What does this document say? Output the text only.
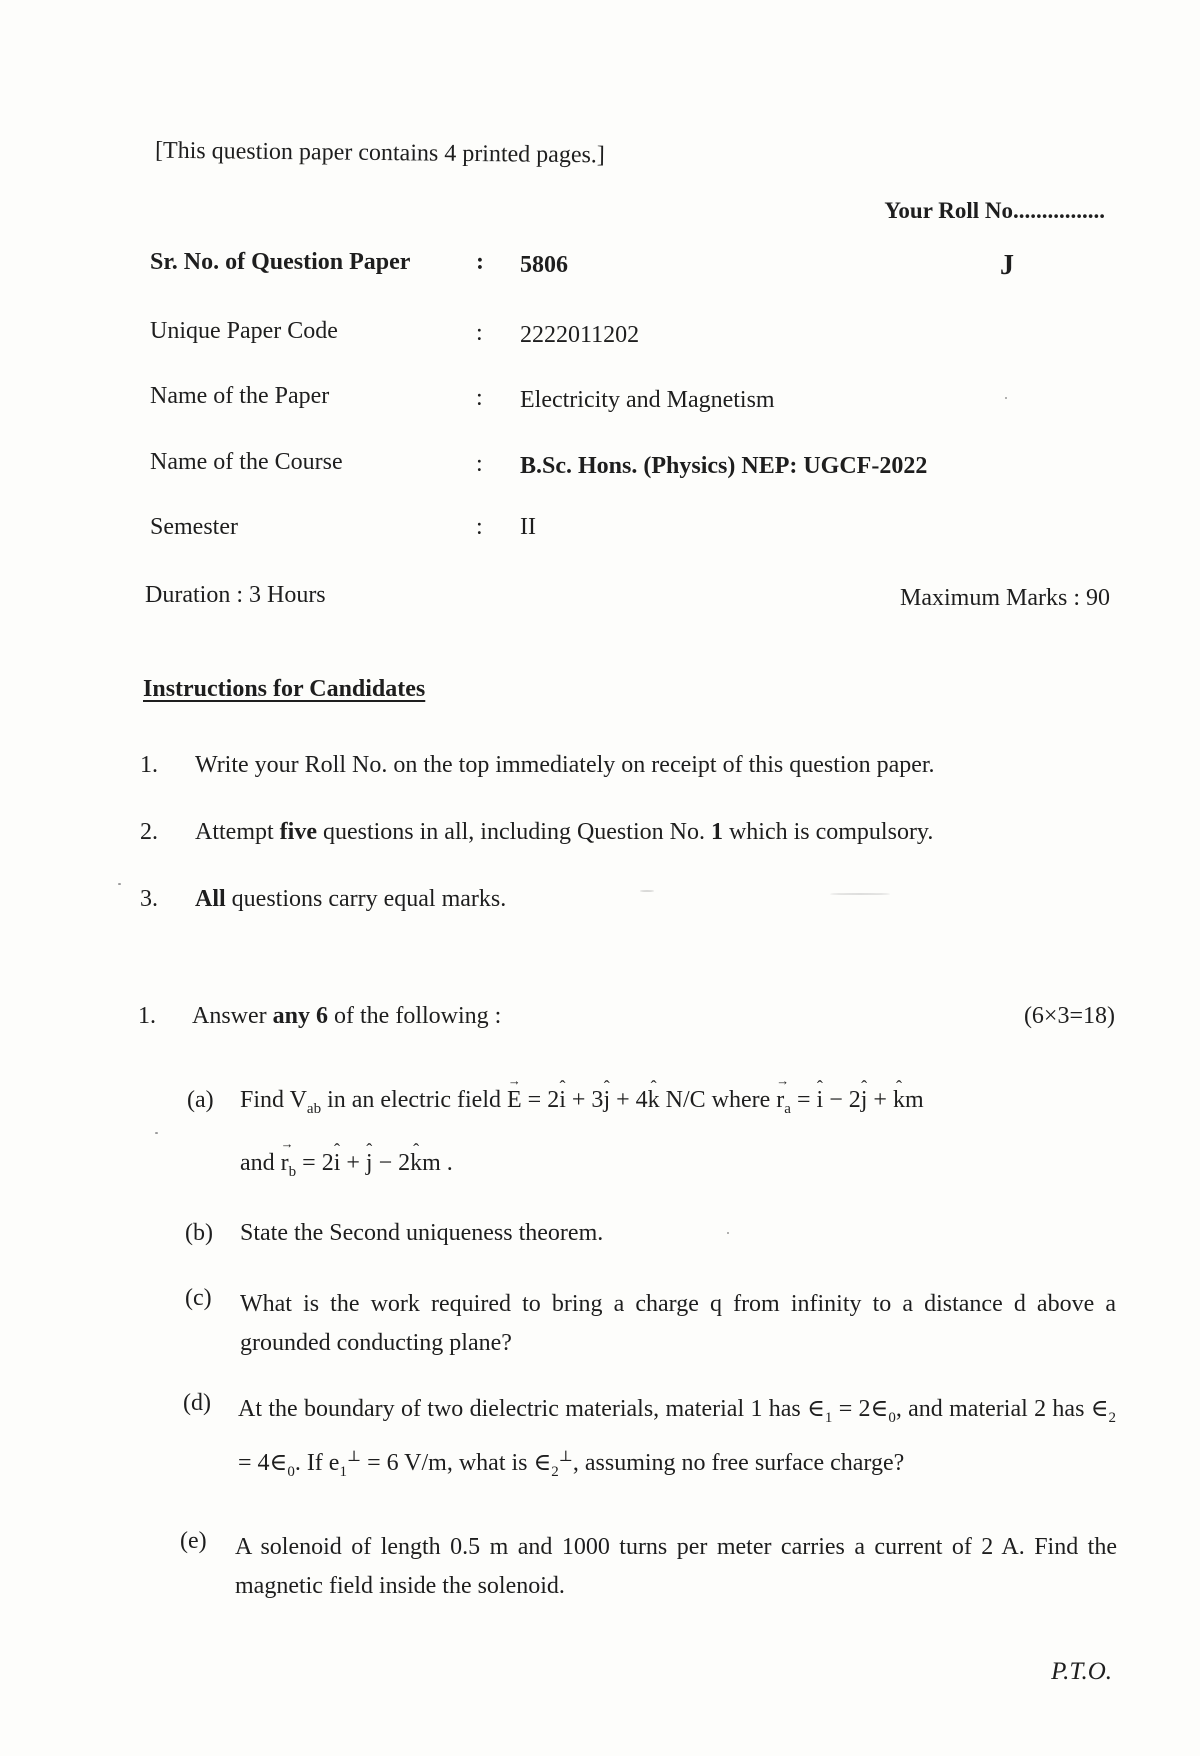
[This question paper contains 4 printed pages.]
Your Roll No................
Sr. No. of Question Paper	: 5806	J
Unique Paper Code	: 2222011202
Name of the Paper	: Electricity and Magnetism
Name of the Course	: B.Sc. Hons. (Physics) NEP: UGCF-2022
Semester	: II
Duration : 3 Hours	Maximum Marks : 90
Instructions for Candidates
1. Write your Roll No. on the top immediately on receipt of this question paper.
2. Attempt five questions in all, including Question No. 1 which is compulsory.
3. All questions carry equal marks.
1. Answer any 6 of the following :	(6×3=18)
(a) Find $V_{ab}$ in an electric field → E = 2ˆ i + 3ˆ j + 4ˆ k N/C where → $r_a$ = ˆ i − 2ˆ j + ˆ km
and → $r_b$ = 2ˆ i + ˆ j − 2ˆ km .
(b) State the Second uniqueness theorem.
(c) What is the work required to bring a charge q from infinity to a distance d above a grounded conducting plane?
(d) At the boundary of two dielectric materials, material 1 has $\in_1$ = $2\in_0$, and material 2 has $\in_2$ = $4\in_0$. If $e_1^\perp = 6$ V/m, what is $\in_2^\perp$, assuming no free surface charge?
(e) A solenoid of length 0.5 m and 1000 turns per meter carries a current of 2 A. Find the magnetic field inside the solenoid.
P.T.O.
